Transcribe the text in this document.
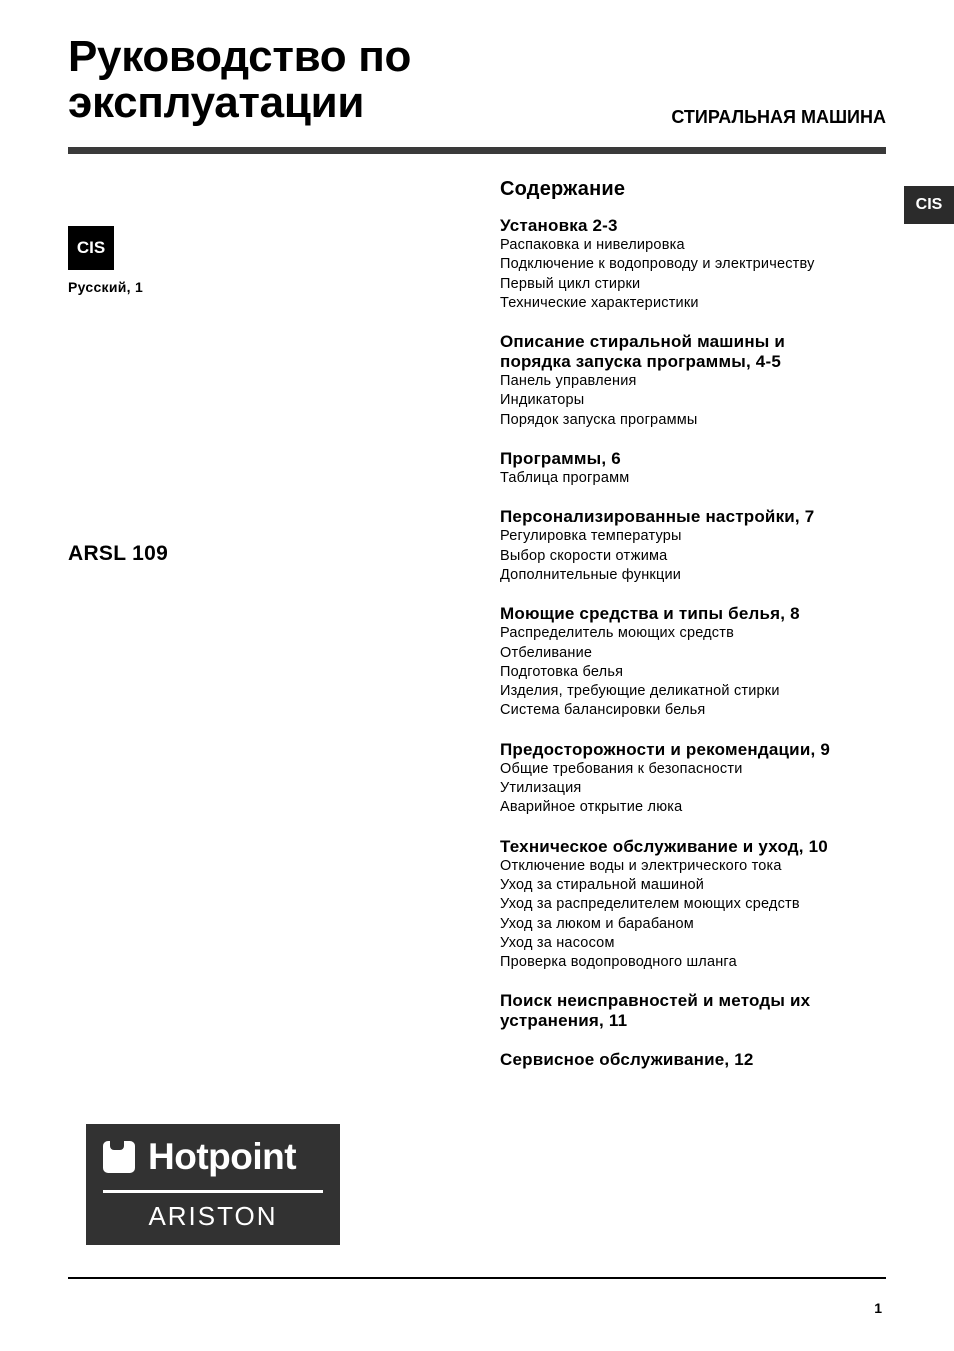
Руководство по
эксплуатации	СТИРАЛЬНАЯ МАШИНА
CIS
CIS
Русский, 1
ARSL 109
Содержание
Установка 2-3
Распаковка и нивелировка
Подключение к водопроводу и электричеству
Первый цикл стирки
Технические характеристики
Описание стиральной машины и
порядка запуска программы, 4-5
Панель управления
Индикаторы
Порядок запуска программы
Программы, 6
Таблица программ
Персонализированные настройки, 7
Регулировка температуры
Выбор скорости отжима
Дополнительные функции
Моющие средства и типы белья, 8
Распределитель моющих средств
Отбеливание
Подготовка белья
Изделия, требующие деликатной стирки
Система балансировки белья
Предосторожности и рекомендации, 9
Общие требования к безопасности
Утилизация
Аварийное открытие люка
Техническое обслуживание и уход, 10
Отключение воды и электрического тока
Уход за стиральной машиной
Уход за распределителем моющих средств
Уход за люком и барабаном
Уход за насосом
Проверка водопроводного шланга
Поиск неисправностей и методы их
устранения, 11
Сервисное обслуживание, 12
Hotpoint
ARISTON
1
